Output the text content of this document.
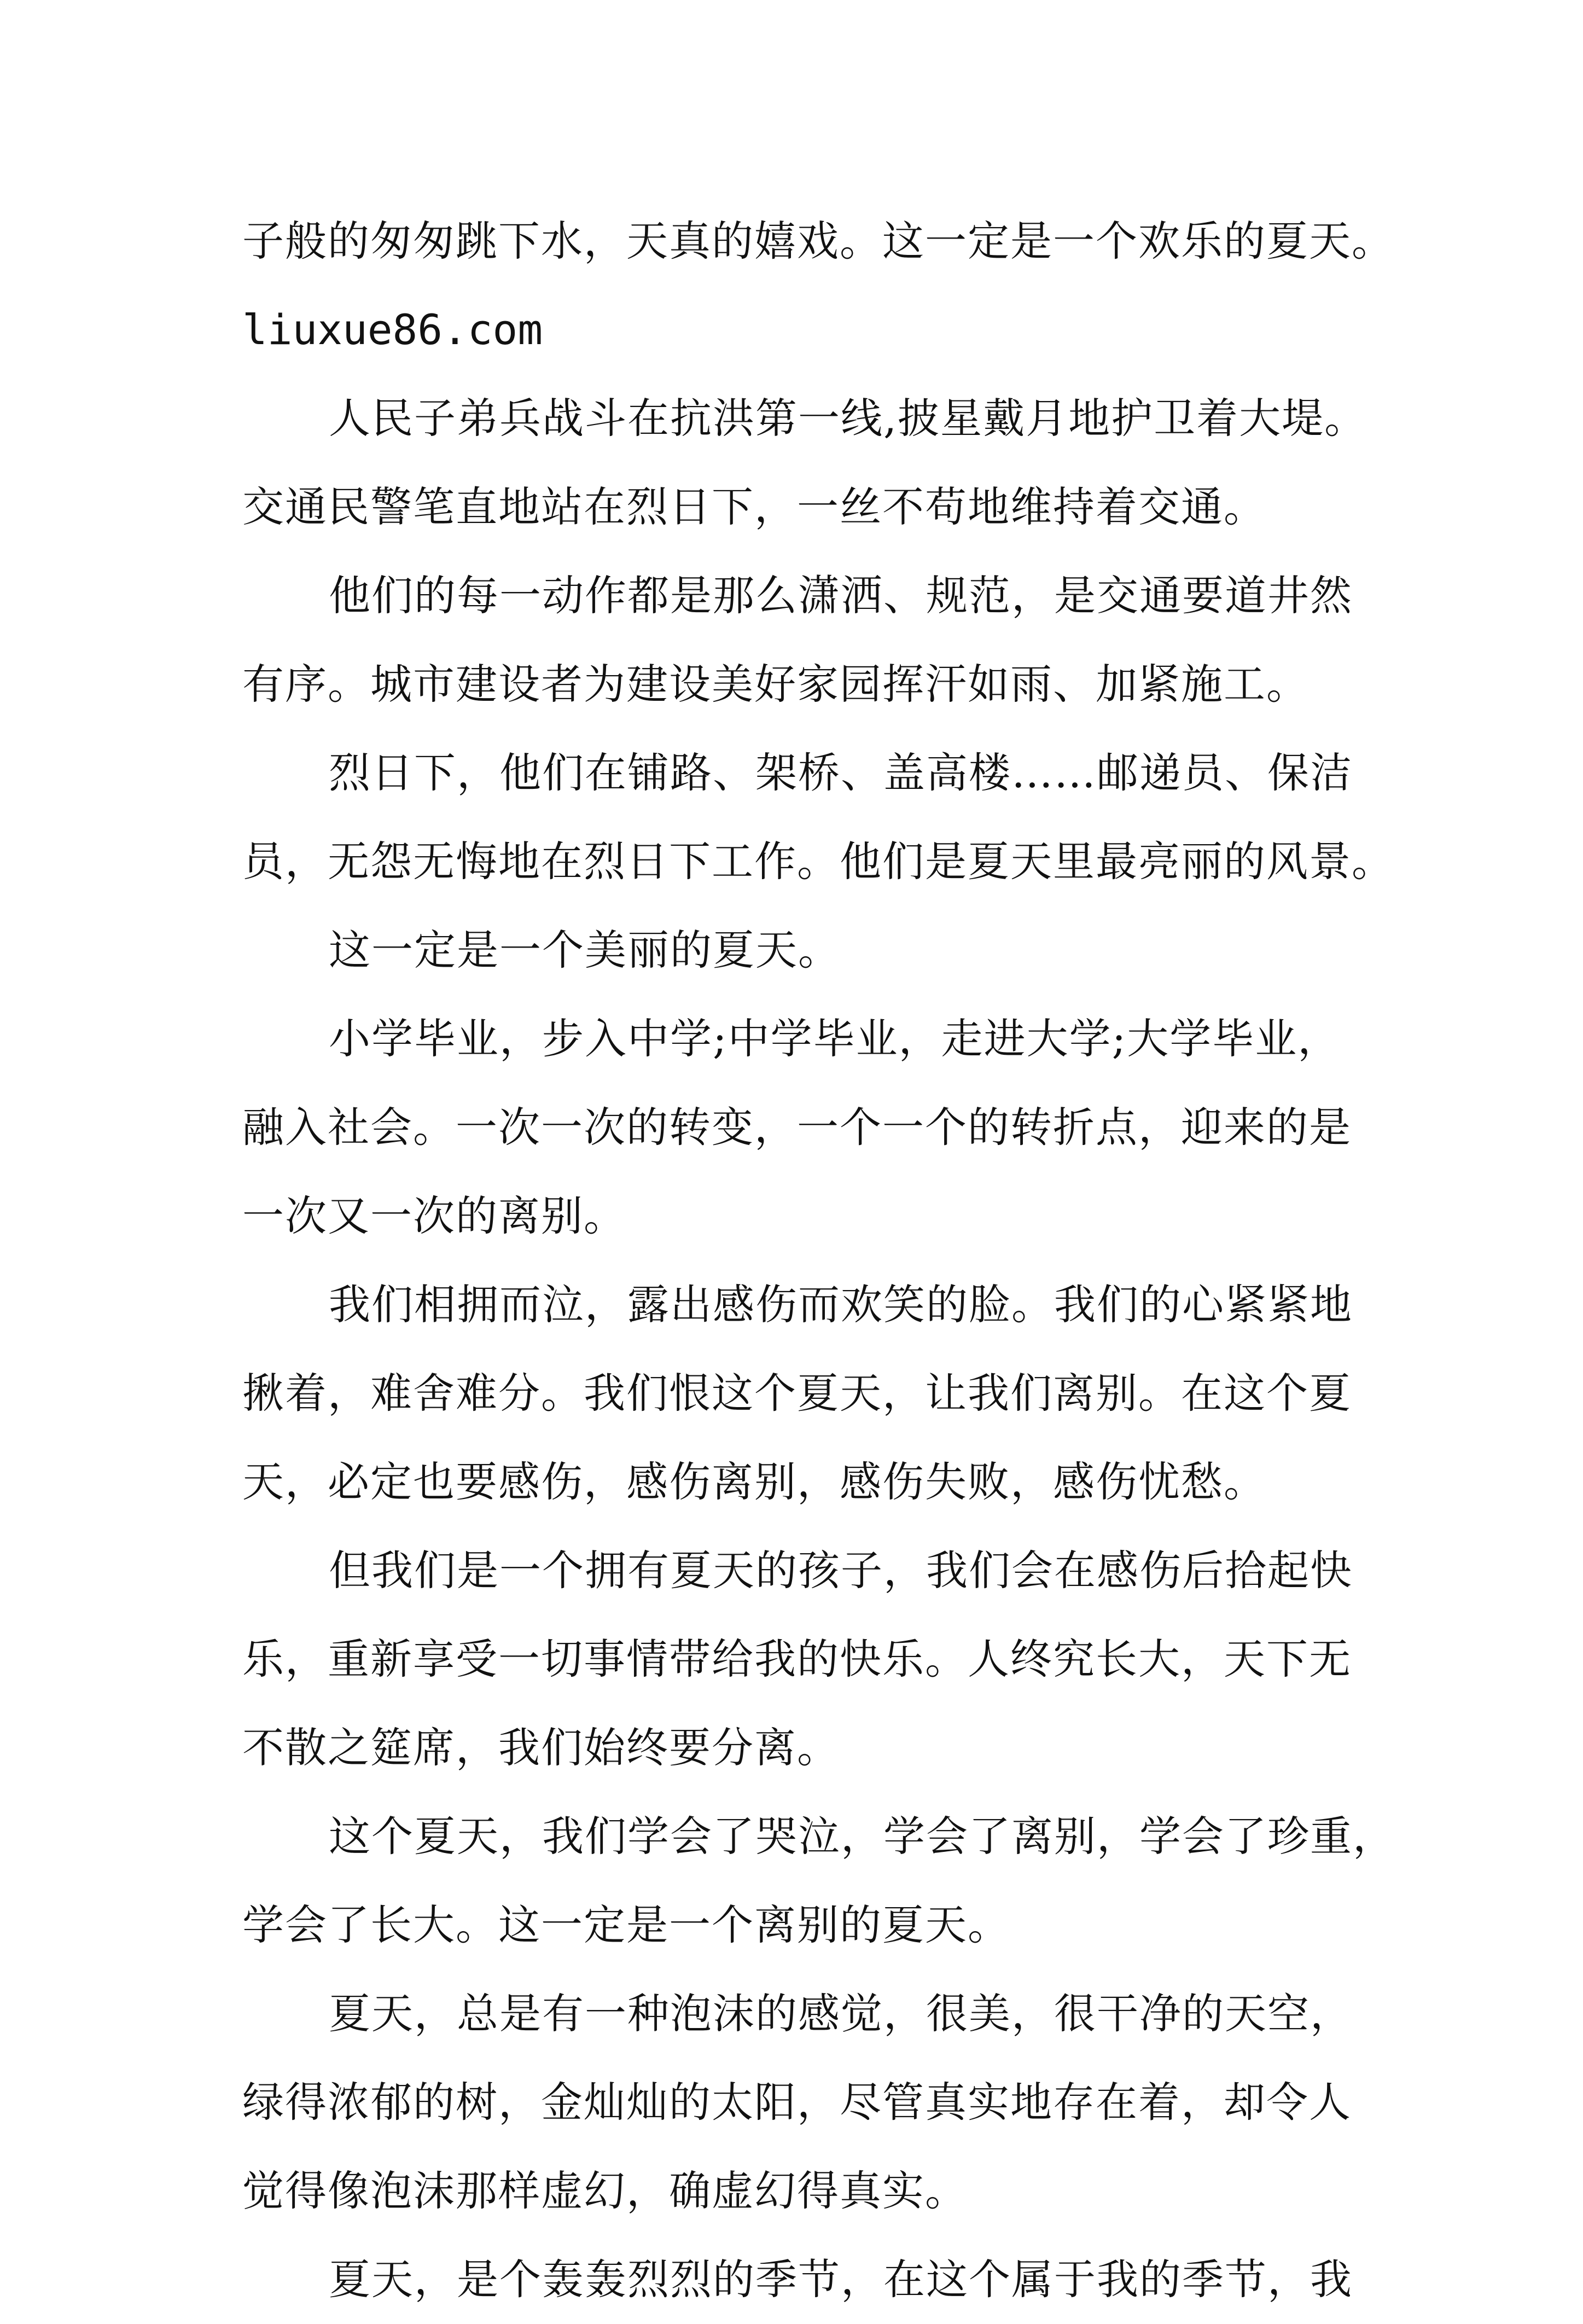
子般的匆匆跳下水，天真的嬉戏。这一定是一个欢乐的夏天。
liuxue86.com
人民子弟兵战斗在抗洪第一线,披星戴月地护卫着大堤。
交通民警笔直地站在烈日下，一丝不苟地维持着交通。
他们的每一动作都是那么潇洒、规范，是交通要道井然
有序。城市建设者为建设美好家园挥汗如雨、加紧施工。
烈日下，他们在铺路、架桥、盖高楼……邮递员、保洁
员，无怨无悔地在烈日下工作。他们是夏天里最亮丽的风景。
这一定是一个美丽的夏天。
小学毕业，步入中学;中学毕业，走进大学;大学毕业，
融入社会。一次一次的转变，一个一个的转折点，迎来的是
一次又一次的离别。
我们相拥而泣，露出感伤而欢笑的脸。我们的心紧紧地
揪着，难舍难分。我们恨这个夏天，让我们离别。在这个夏
天，必定也要感伤，感伤离别，感伤失败，感伤忧愁。
但我们是一个拥有夏天的孩子，我们会在感伤后拾起快
乐，重新享受一切事情带给我的快乐。人终究长大，天下无
不散之筵席，我们始终要分离。
这个夏天，我们学会了哭泣，学会了离别，学会了珍重，
学会了长大。这一定是一个离别的夏天。
夏天，总是有一种泡沫的感觉，很美，很干净的天空，
绿得浓郁的树，金灿灿的太阳，尽管真实地存在着，却令人
觉得像泡沫那样虚幻，确虚幻得真实。
夏天，是个轰轰烈烈的季节，在这个属于我的季节，我
